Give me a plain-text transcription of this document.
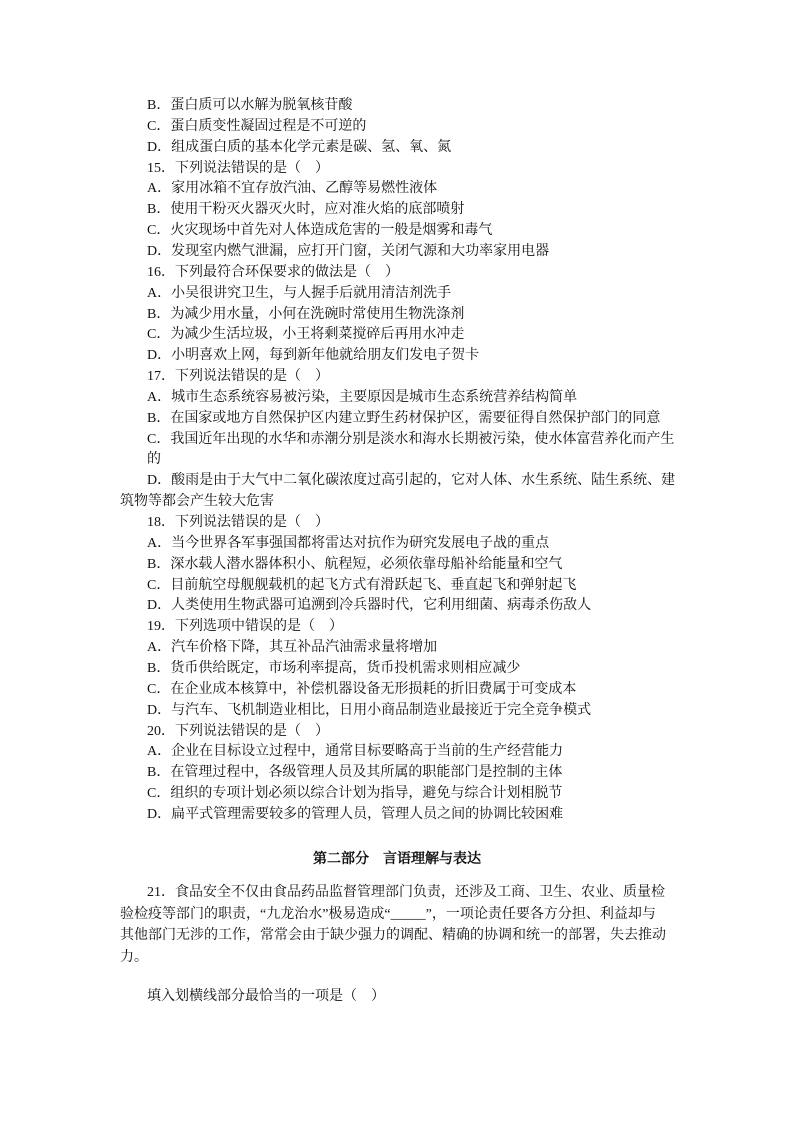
B．蛋白质可以水解为脱氧核苷酸
C．蛋白质变性凝固过程是不可逆的
D．组成蛋白质的基本化学元素是碳、氢、氧、氮
15．下列说法错误的是（　）
A．家用冰箱不宜存放汽油、乙醇等易燃性液体
B．使用干粉灭火器灭火时，应对准火焰的底部喷射
C．火灾现场中首先对人体造成危害的一般是烟雾和毒气
D．发现室内燃气泄漏，应打开门窗，关闭气源和大功率家用电器
16．下列最符合环保要求的做法是（　）
A．小吴很讲究卫生，与人握手后就用清洁剂洗手
B．为减少用水量，小何在洗碗时常使用生物洗涤剂
C．为减少生活垃圾，小王将剩菜搅碎后再用水冲走
D．小明喜欢上网，每到新年他就给朋友们发电子贺卡
17．下列说法错误的是（　）
A．城市生态系统容易被污染，主要原因是城市生态系统营养结构简单
B．在国家或地方自然保护区内建立野生药材保护区，需要征得自然保护部门的同意
C．我国近年出现的水华和赤潮分别是淡水和海水长期被污染，使水体富营养化而产生
的
D．酸雨是由于大气中二氧化碳浓度过高引起的，它对人体、水生系统、陆生系统、建
筑物等都会产生较大危害
18．下列说法错误的是（　）
A．当今世界各军事强国都将雷达对抗作为研究发展电子战的重点
B．深水载人潜水器体积小、航程短，必须依靠母船补给能量和空气
C．目前航空母舰舰载机的起飞方式有滑跃起飞、垂直起飞和弹射起飞
D．人类使用生物武器可追溯到冷兵器时代，它利用细菌、病毒杀伤敌人
19．下列选项中错误的是（　）
A．汽车价格下降，其互补品汽油需求量将增加
B．货币供给既定，市场利率提高，货币投机需求则相应减少
C．在企业成本核算中，补偿机器设备无形损耗的折旧费属于可变成本
D．与汽车、飞机制造业相比，日用小商品制造业最接近于完全竞争模式
20．下列说法错误的是（　）
A．企业在目标设立过程中，通常目标要略高于当前的生产经营能力
B．在管理过程中，各级管理人员及其所属的职能部门是控制的主体
C．组织的专项计划必须以综合计划为指导，避免与综合计划相脱节
D．扁平式管理需要较多的管理人员，管理人员之间的协调比较困难
第二部分　言语理解与表达
21．食品安全不仅由食品药品监督管理部门负责，还涉及工商、卫生、农业、质量检
验检疫等部门的职责，“九龙治水”极易造成“_____”，一项论责任要各方分担、利益却与
其他部门无涉的工作，常常会由于缺少强力的调配、精确的协调和统一的部署，失去推动
力。
填入划横线部分最恰当的一项是（　）
